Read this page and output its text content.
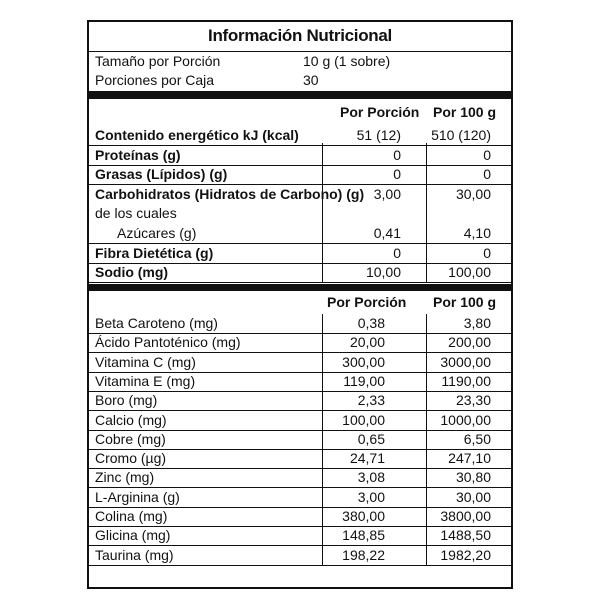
Información Nutricional
Tamaño por Porción	10 g (1 sobre)
Porciones por Caja	30
Por Porción Por 100 g
Por Porción Por 100 g
Contenido energético kJ (kcal)	51 (12) 510 (120)
Proteínas (g)	0	0
Grasas (Lípidos) (g)	0	0
Carbohidratos (Hidratos de Carbono) (g) 3,00	30,00
de los cuales
Azúcares (g)	0,41	4,10
Fibra Dietética (g)	0	0
Sodio (mg)	10,00	100,00
Beta Caroteno (mg)	0,38	3,80
Ácido Pantoténico (mg)	20,00	200,00
Vitamina C (mg)	300,00	3000,00
Vitamina E (mg)	119,00	1190,00
Boro (mg)	2,33	23,30
Calcio (mg)	100,00	1000,00
Cobre (mg)	0,65	6,50
Cromo (µg)	24,71	247,10
Zinc (mg)	3,08	30,80
L-Arginina (g)	3,00	30,00
Colina (mg)	380,00	3800,00
Glicina (mg)	148,85	1488,50
Taurina (mg)	198,22	1982,20
